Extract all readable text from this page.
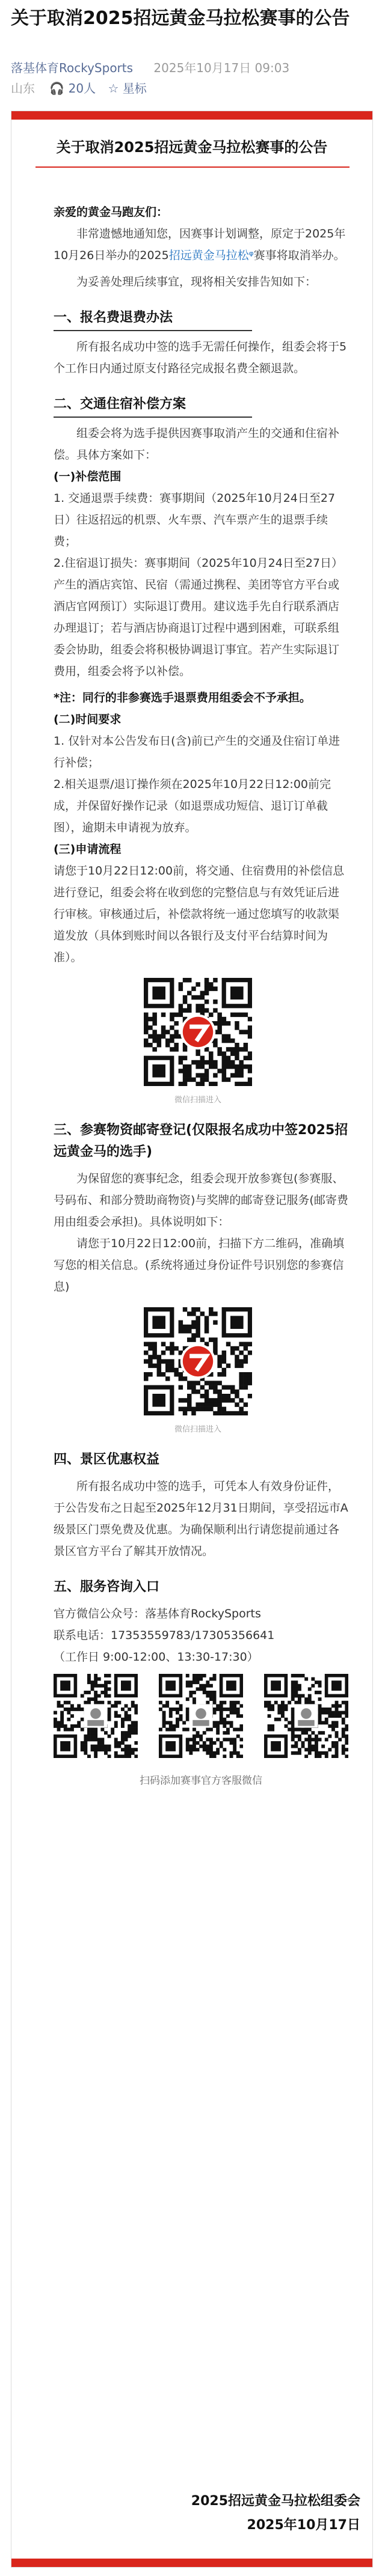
关于取消2025招远黄金马拉松赛事的公告
落基体育RockySports 2025年10月17日 09:03
山东 🎧 20人 ☆ 星标
关于取消2025招远黄金马拉松赛事的公告

亲爱的黄金马跑友们：

非常遗憾地通知您，因赛事计划调整，原定于2025年10月26日举办的2025招远黄金马拉松ᵠ赛事将取消举办。

为妥善处理后续事宜，现将相关安排告知如下：

一、报名费退费办法

所有报名成功中签的选手无需任何操作，组委会将于5个工作日内通过原支付路径完成报名费全额退款。

二、交通住宿补偿方案

组委会将为选手提供因赛事取消产生的交通和住宿补偿。具体方案如下：

(一)补偿范围

1. 交通退票手续费：赛事期间（2025年10月24日至27日）往返招远的机票、火车票、汽车票产生的退票手续费；

2.住宿退订损失：赛事期间（2025年10月24日至27日）产生的酒店宾馆、民宿（需通过携程、美团等官方平台或酒店官网预订）实际退订费用。建议选手先自行联系酒店办理退订；若与酒店协商退订过程中遇到困难，可联系组委会协助，组委会将积极协调退订事宜。若产生实际退订费用，组委会将予以补偿。

*注：同行的非参赛选手退票费用组委会不予承担。

(二)时间要求

1. 仅针对本公告发布日(含)前已产生的交通及住宿订单进行补偿；

2.相关退票/退订操作须在2025年10月22日12:00前完成，并保留好操作记录（如退票成功短信、退订订单截图），逾期未申请视为放弃。

(三)申请流程

请您于10月22日12:00前，将交通、住宿费用的补偿信息进行登记，组委会将在收到您的完整信息与有效凭证后进行审核。审核通过后，补偿款将统一通过您填写的收款渠道发放（具体到账时间以各银行及支付平台结算时间为准）。

微信扫描进入

三、参赛物资邮寄登记(仅限报名成功中签2025招远黄金马的选手)

为保留您的赛事纪念，组委会现开放参赛包(参赛服、号码布、和部分赞助商物资)与奖牌的邮寄登记服务(邮寄费用由组委会承担)。具体说明如下：

请您于10月22日12:00前，扫描下方二维码，准确填写您的相关信息。(系统将通过身份证件号识别您的参赛信息)

微信扫描进入

四、景区优惠权益

所有报名成功中签的选手，可凭本人有效身份证件，于公告发布之日起至2025年12月31日期间，享受招远市A级景区门票免费及优惠。为确保顺利出行请您提前通过各景区官方平台了解其开放情况。

五、服务咨询入口

官方微信公众号：落基体育RockySports

联系电话：17353559783/17305356641

（工作日 9:00-12:00、13:30-17:30）

扫码添加赛事官方客服微信
2025招远黄金马拉松组委会
2025年10月17日
